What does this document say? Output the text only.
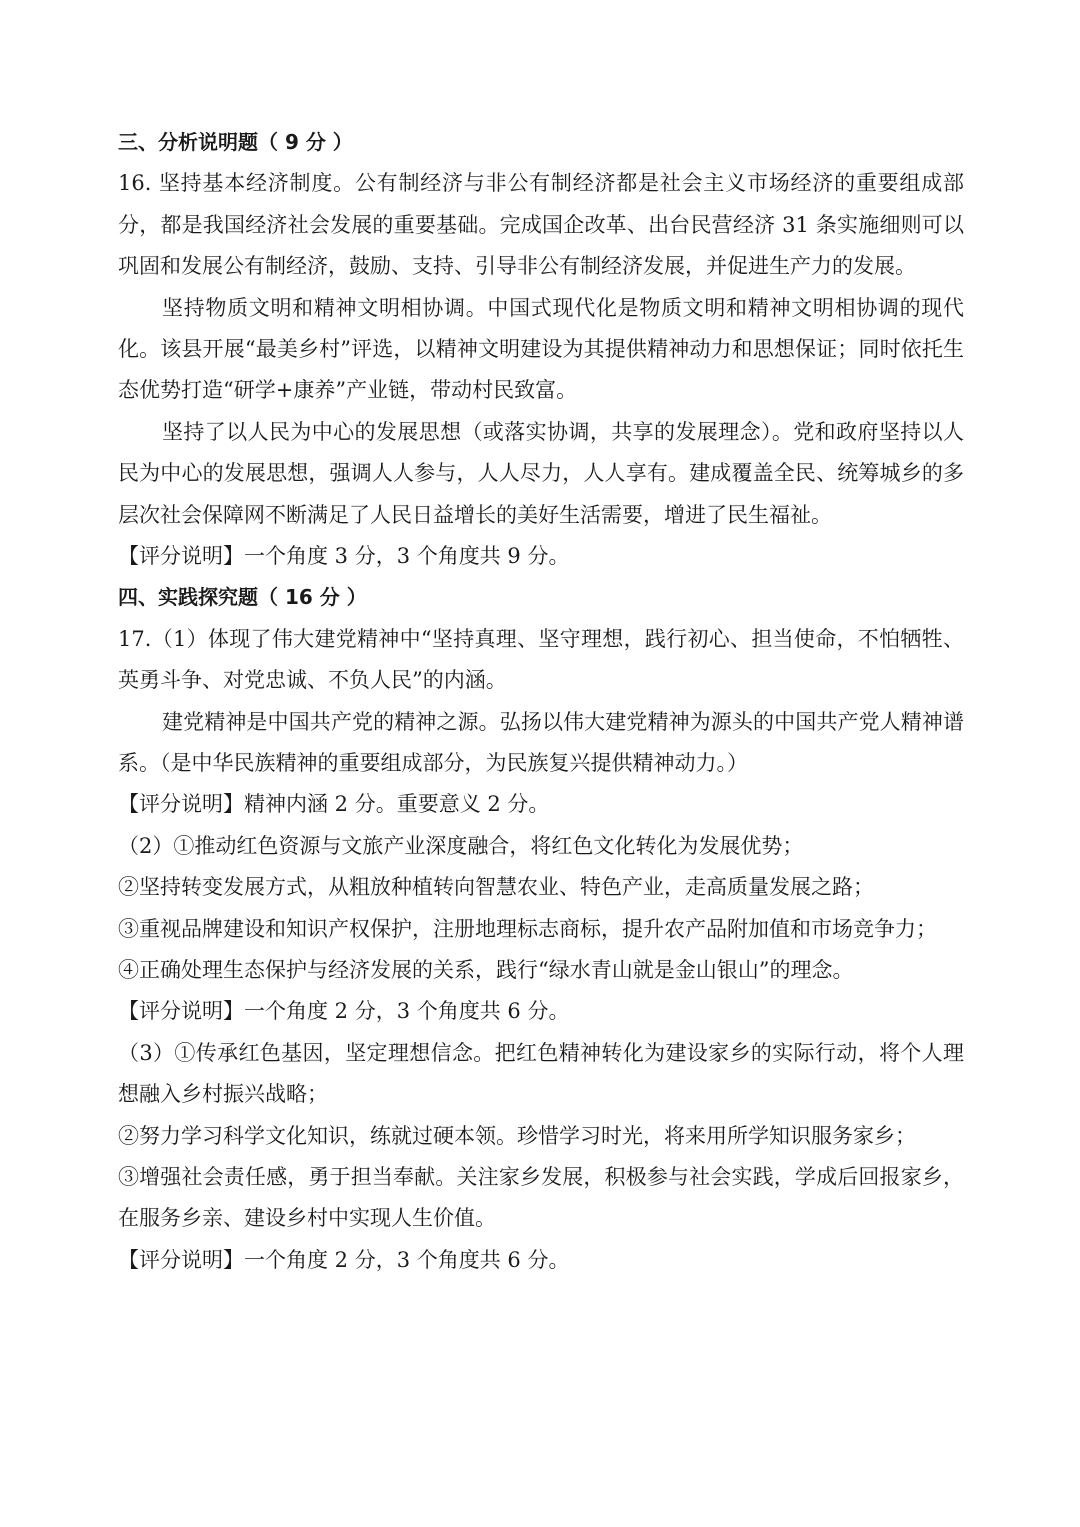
三、分析说明题（ 9 分 ）

16. 坚持基本经济制度。公有制经济与非公有制经济都是社会主义市场经济的重要组成部分，都是我国经济社会发展的重要基础。完成国企改革、出台民营经济 31 条实施细则可以巩固和发展公有制经济，鼓励、支持、引导非公有制经济发展，并促进生产力的发展。

坚持物质文明和精神文明相协调。中国式现代化是物质文明和精神文明相协调的现代化。该县开展“最美乡村”评选，以精神文明建设为其提供精神动力和思想保证；同时依托生态优势打造“研学+康养”产业链，带动村民致富。

坚持了以人民为中心的发展思想（或落实协调，共享的发展理念）。党和政府坚持以人民为中心的发展思想，强调人人参与，人人尽力，人人享有。建成覆盖全民、统筹城乡的多层次社会保障网不断满足了人民日益增长的美好生活需要，增进了民生福祉。

【评分说明】一个角度 3 分，3 个角度共 9 分。
四、实践探究题（ 16 分 ）

17.（1）体现了伟大建党精神中“坚持真理、坚守理想，践行初心、担当使命，不怕牺牲、英勇斗争、对党忠诚、不负人民”的内涵。

建党精神是中国共产党的精神之源。弘扬以伟大建党精神为源头的中国共产党人精神谱系。（是中华民族精神的重要组成部分，为民族复兴提供精神动力。）

【评分说明】精神内涵 2 分。重要意义 2 分。
（2）①推动红色资源与文旅产业深度融合，将红色文化转化为发展优势；
②坚持转变发展方式，从粗放种植转向智慧农业、特色产业，走高质量发展之路；
③重视品牌建设和知识产权保护，注册地理标志商标，提升农产品附加值和市场竞争力；
④正确处理生态保护与经济发展的关系，践行“绿水青山就是金山银山”的理念。
【评分说明】一个角度 2 分，3 个角度共 6 分。

（3）①传承红色基因，坚定理想信念。把红色精神转化为建设家乡的实际行动，将个人理想融入乡村振兴战略；

②努力学习科学文化知识，练就过硬本领。珍惜学习时光，将来用所学知识服务家乡；

③增强社会责任感，勇于担当奉献。关注家乡发展，积极参与社会实践，学成后回报家乡，在服务乡亲、建设乡村中实现人生价值。

【评分说明】一个角度 2 分，3 个角度共 6 分。
